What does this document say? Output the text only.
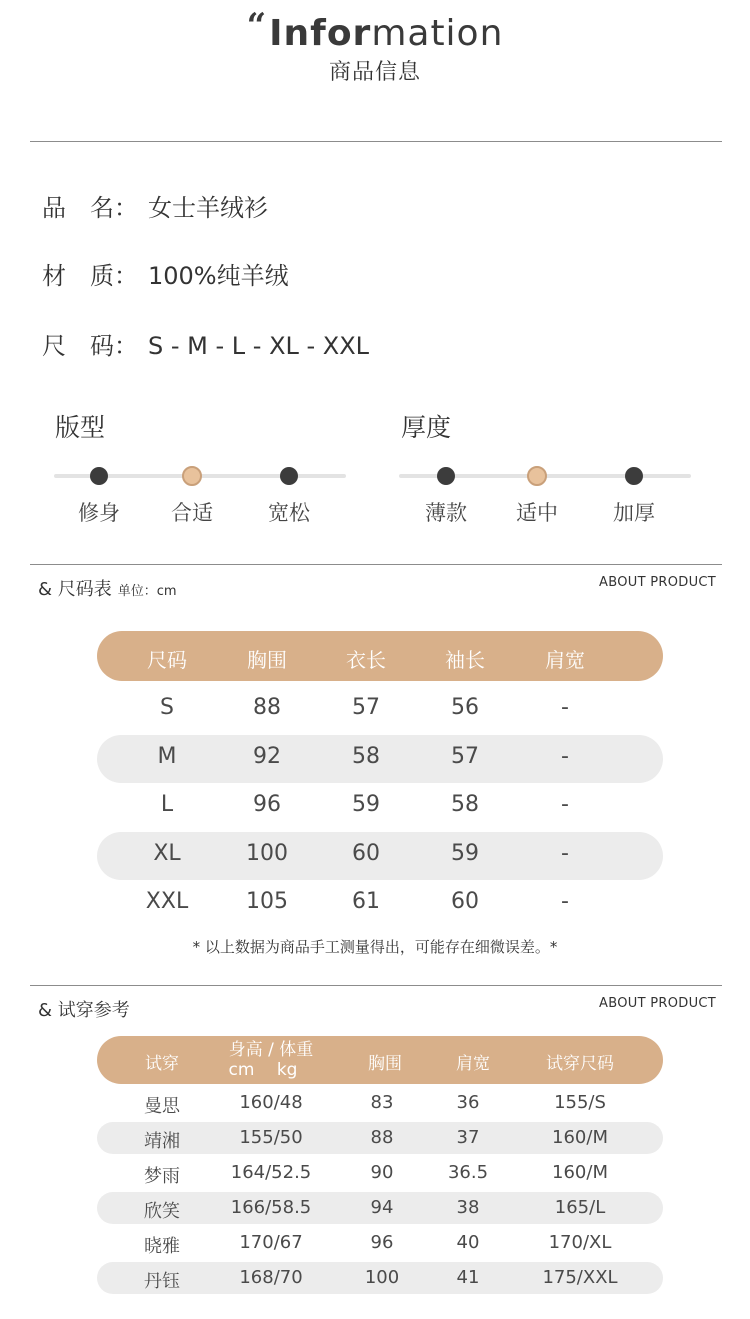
“Information
商品信息
品　名： 女士羊绒衫
材　质： 100%纯羊绒
尺　码： S - M - L - XL - XXL
版型
修身	合适	宽松
厚度
薄款	适中	加厚
& 尺码表 单位：cm
ABOUT PRODUCT
尺码	胸围	衣长	袖长	肩宽
S	88	57	56	-
M	92	58	57	-
L	96	59	58	-
XL	100	60	59	-
XXL	105	61	60	-
* 以上数据为商品手工测量得出，可能存在细微误差。*
& 试穿参考	ABOUT PRODUCT
试穿
身高 / 体重
cm　 kg	胸围	肩宽	试穿尺码
曼思	160/48	83	36	155/S
靖湘	155/50	88	37	160/M
梦雨	164/52.5	90	36.5	160/M
欣笑	166/58.5	94	38	165/L
晓雅	170/67	96	40	170/XL
丹钰	168/70	100	41	175/XXL
